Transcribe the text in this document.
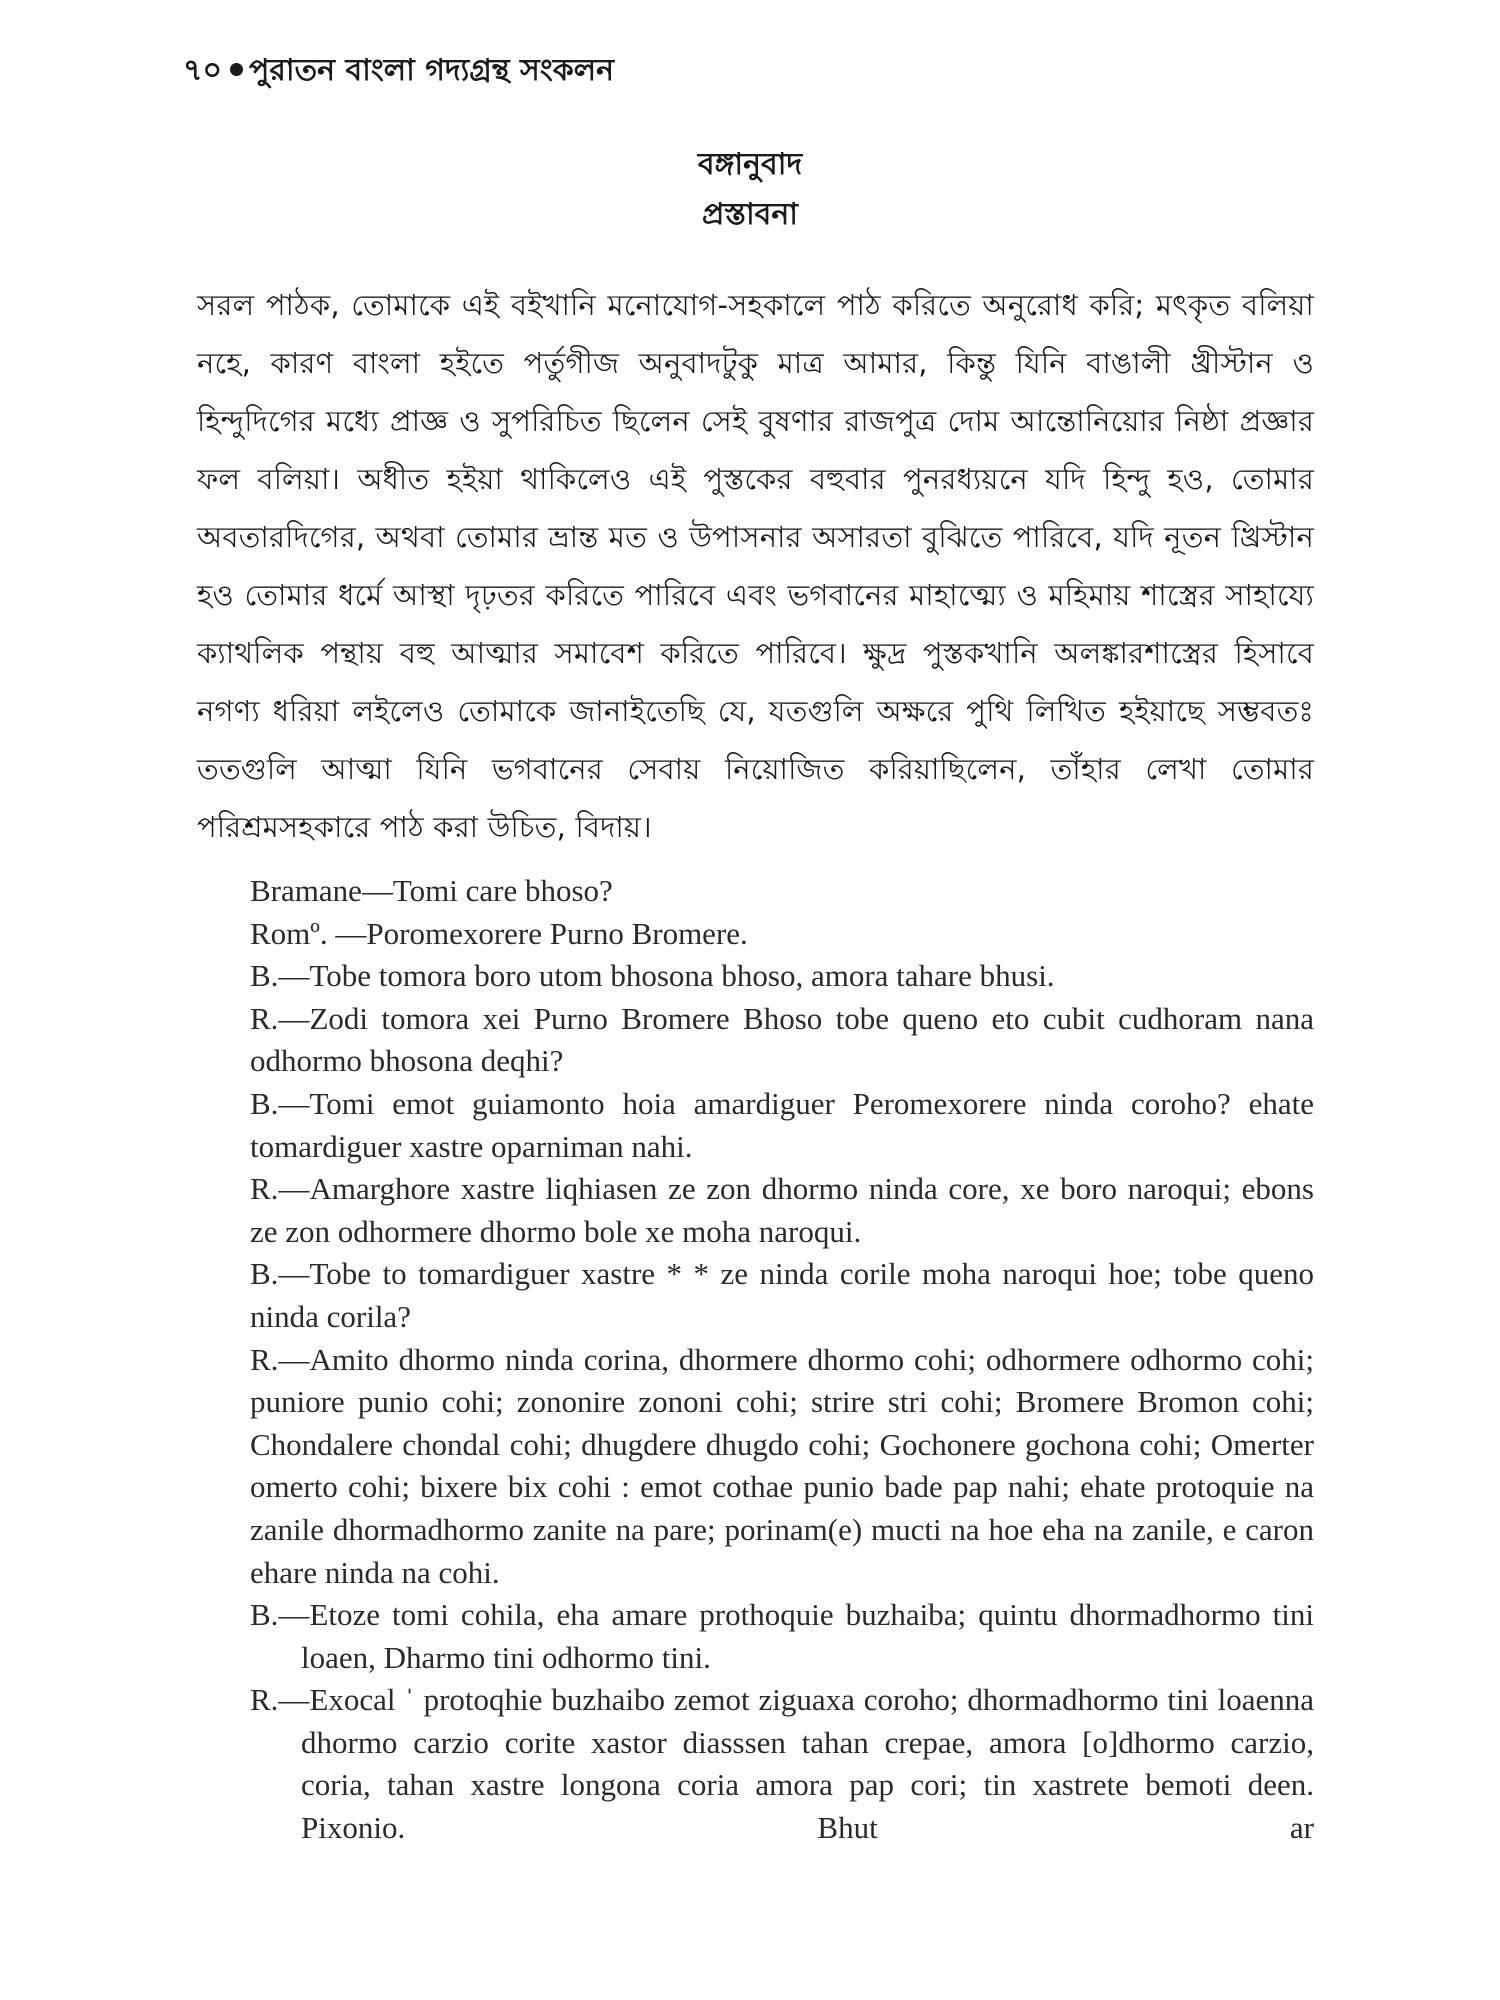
৭০ পুরাতন বাংলা গদ্যগ্রন্থ সংকলন
বঙ্গানুবাদ
প্রস্তাবনা

সরল পাঠক, তোমাকে এই বইখানি মনোযোগ-সহকালে পাঠ করিতে অনুরোধ করি; মৎকৃত বলিয়া নহে, কারণ বাংলা হইতে পর্তুগীজ অনুবাদটুকু মাত্র আমার, কিন্তু যিনি বাঙালী খ্রীস্টান ও হিন্দুদিগের মধ্যে প্রাজ্ঞ ও সুপরিচিত ছিলেন সেই বুষণার রাজপুত্র দোম আন্তোনিয়োর নিষ্ঠা প্রজ্ঞার ফল বলিয়া। অধীত হইয়া থাকিলেও এই পুস্তকের বহুবার পুনরধ্যয়নে যদি হিন্দু হও, তোমার অবতারদিগের, অথবা তোমার ভ্রান্ত মত ও উপাসনার অসারতা বুঝিতে পারিবে, যদি নূতন খ্রিস্টান হও তোমার ধর্মে আস্থা দৃঢ়তর করিতে পারিবে এবং ভগবানের মাহাত্ম্যে ও মহিমায় শাস্ত্রের সাহায্যে ক্যাথলিক পন্থায় বহু আত্মার সমাবেশ করিতে পারিবে। ক্ষুদ্র পুস্তকখানি অলঙ্কারশাস্ত্রের হিসাবে নগণ্য ধরিয়া লইলেও তোমাকে জানাইতেছি যে, যতগুলি অক্ষরে পুথি লিখিত হইয়াছে সম্ভবতঃ ততগুলি আত্মা যিনি ভগবানের সেবায় নিয়োজিত করিয়াছিলেন, তাঁহার লেখা তোমার পরিশ্রমসহকারে পাঠ করা উচিত, বিদায়।

Bramane—Tomi care bhoso?

Romº. —Poromexorere Purno Bromere.

B.—Tobe tomora boro utom bhosona bhoso, amora tahare bhusi.

R.—Zodi tomora xei Purno Bromere Bhoso tobe queno eto cubit cudhoram nana odhormo bhosona deqhi?

B.—Tomi emot guiamonto hoia amardiguer Peromexorere ninda coroho? ehate tomardiguer xastre oparniman nahi.

R.—Amarghore xastre liqhiasen ze zon dhormo ninda core, xe boro naroqui; ebons ze zon odhormere dhormo bole xe moha naroqui.

B.—Tobe to tomardiguer xastre * * ze ninda corile moha naroqui hoe; tobe queno ninda corila?

R.—Amito dhormo ninda corina, dhormere dhormo cohi; odhormere odhormo cohi; puniore punio cohi; zononire zononi cohi; strire stri cohi; Bromere Bromon cohi; Chondalere chondal cohi; dhugdere dhugdo cohi; Gochonere gochona cohi; Omerter omerto cohi; bixere bix cohi : emot cothae punio bade pap nahi; ehate protoquie na zanile dhormadhormo zanite na pare; porinam(e) mucti na hoe eha na zanile, e caron ehare ninda na cohi.

B.—Etoze tomi cohila, eha amare prothoquie buzhaiba; quintu dhormadhormo tini loaen, Dharmo tini odhormo tini.

R.—Exocal ˈ protoqhie buzhaibo zemot ziguaxa coroho; dhormadhormo tini loaenna dhormo carzio corite xastor diasssen tahan crepae, amora [o]dhormo carzio, coria, tahan xastre longona coria amora pap cori; tin xastrete bemoti deen. Pixonio. Bhut ar
